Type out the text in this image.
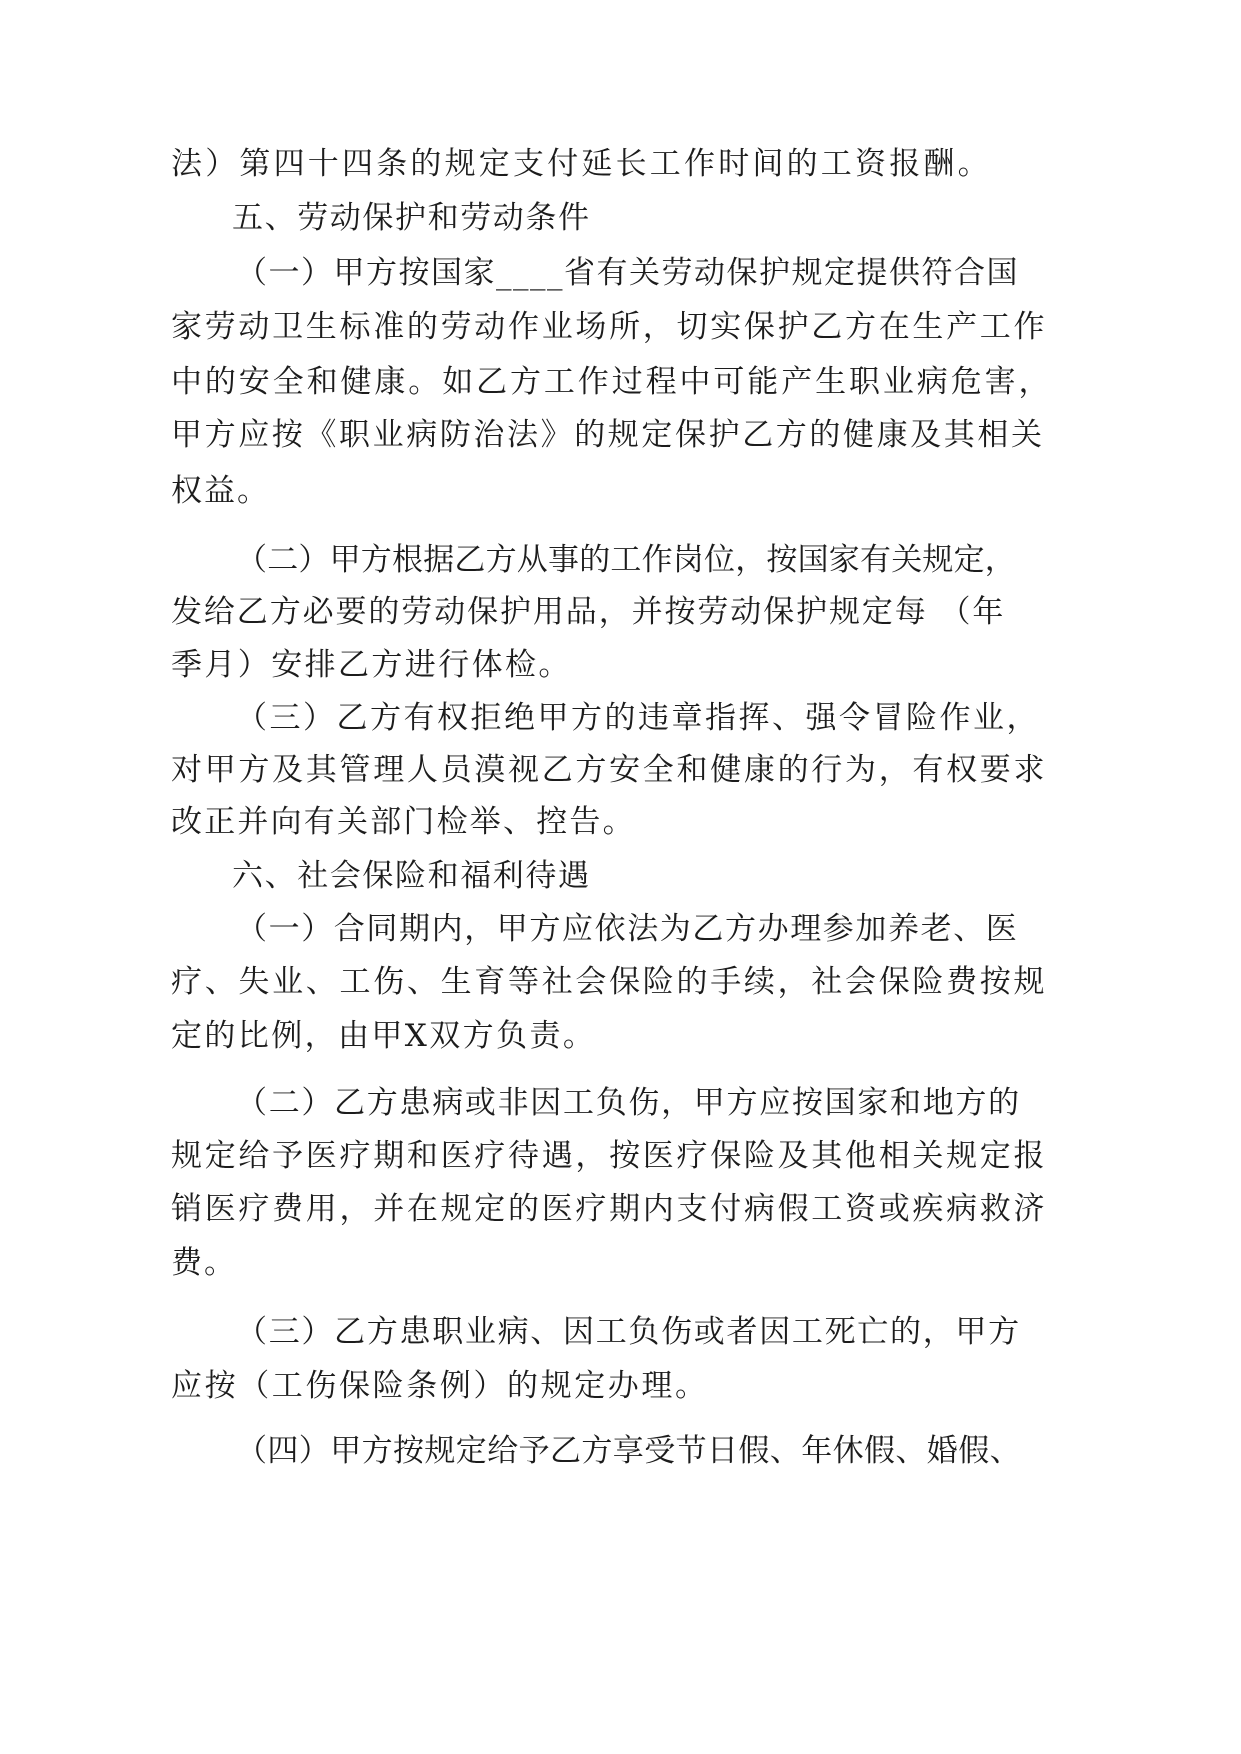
法）第四十四条的规定支付延长工作时间的工资报酬。
五、劳动保护和劳动条件
（一）甲方按国家____省有关劳动保护规定提供符合国
家劳动卫生标准的劳动作业场所，切实保护乙方在生产工作
中的安全和健康。如乙方工作过程中可能产生职业病危害，
甲方应按《职业病防治法》的规定保护乙方的健康及其相关
权益。
（二）甲方根据乙方从事的工作岗位，按国家有关规定，
发给乙方必要的劳动保护用品，并按劳动保护规定每 （年
季月）安排乙方进行体检。
（三）乙方有权拒绝甲方的违章指挥、强令冒险作业，
对甲方及其管理人员漠视乙方安全和健康的行为，有权要求
改正并向有关部门检举、控告。
六、社会保险和福利待遇
（一）合同期内，甲方应依法为乙方办理参加养老、医
疗、失业、工伤、生育等社会保险的手续，社会保险费按规
定的比例，由甲X双方负责。
（二）乙方患病或非因工负伤，甲方应按国家和地方的
规定给予医疗期和医疗待遇，按医疗保险及其他相关规定报
销医疗费用，并在规定的医疗期内支付病假工资或疾病救济
费。
（三）乙方患职业病、因工负伤或者因工死亡的，甲方
应按（工伤保险条例）的规定办理。
（四）甲方按规定给予乙方享受节日假、年休假、婚假、
